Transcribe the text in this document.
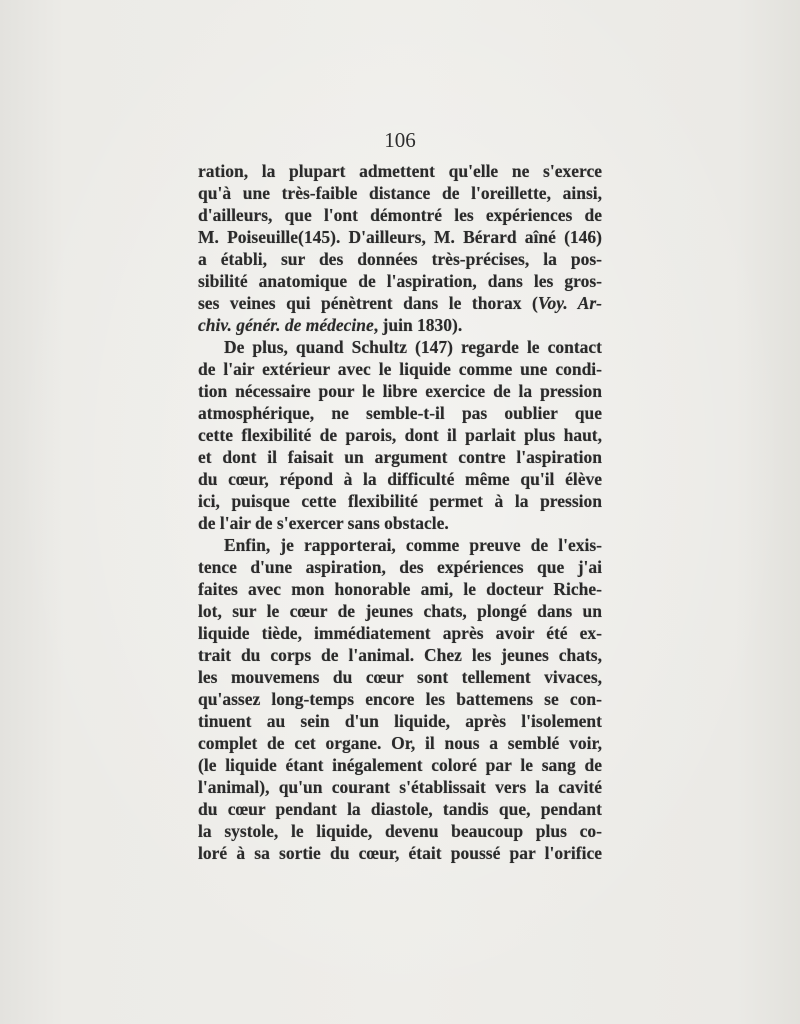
106

ration, la plupart admettent qu'elle ne s'exerce
qu'à une très-faible distance de l'oreillette, ainsi,
d'ailleurs, que l'ont démontré les expériences de
M. Poiseuille(145). D'ailleurs, M. Bérard aîné (146)
a établi, sur des données très-précises, la pos-
sibilité anatomique de l'aspiration, dans les gros-
ses veines qui pénètrent dans le thorax (Voy. Ar-
chiv. génér. de médecine, juin 1830).
De plus, quand Schultz (147) regarde le contact
de l'air extérieur avec le liquide comme une condi-
tion nécessaire pour le libre exercice de la pression
atmosphérique, ne semble-t-il pas oublier que
cette flexibilité de parois, dont il parlait plus haut,
et dont il faisait un argument contre l'aspiration
du cœur, répond à la difficulté même qu'il élève
ici, puisque cette flexibilité permet à la pression
de l'air de s'exercer sans obstacle.
Enfin, je rapporterai, comme preuve de l'exis-
tence d'une aspiration, des expériences que j'ai
faites avec mon honorable ami, le docteur Riche-
lot, sur le cœur de jeunes chats, plongé dans un
liquide tiède, immédiatement après avoir été ex-
trait du corps de l'animal. Chez les jeunes chats,
les mouvemens du cœur sont tellement vivaces,
qu'assez long-temps encore les battemens se con-
tinuent au sein d'un liquide, après l'isolement
complet de cet organe. Or, il nous a semblé voir,
(le liquide étant inégalement coloré par le sang de
l'animal), qu'un courant s'établissait vers la cavité
du cœur pendant la diastole, tandis que, pendant
la systole, le liquide, devenu beaucoup plus co-
loré à sa sortie du cœur, était poussé par l'orifice
